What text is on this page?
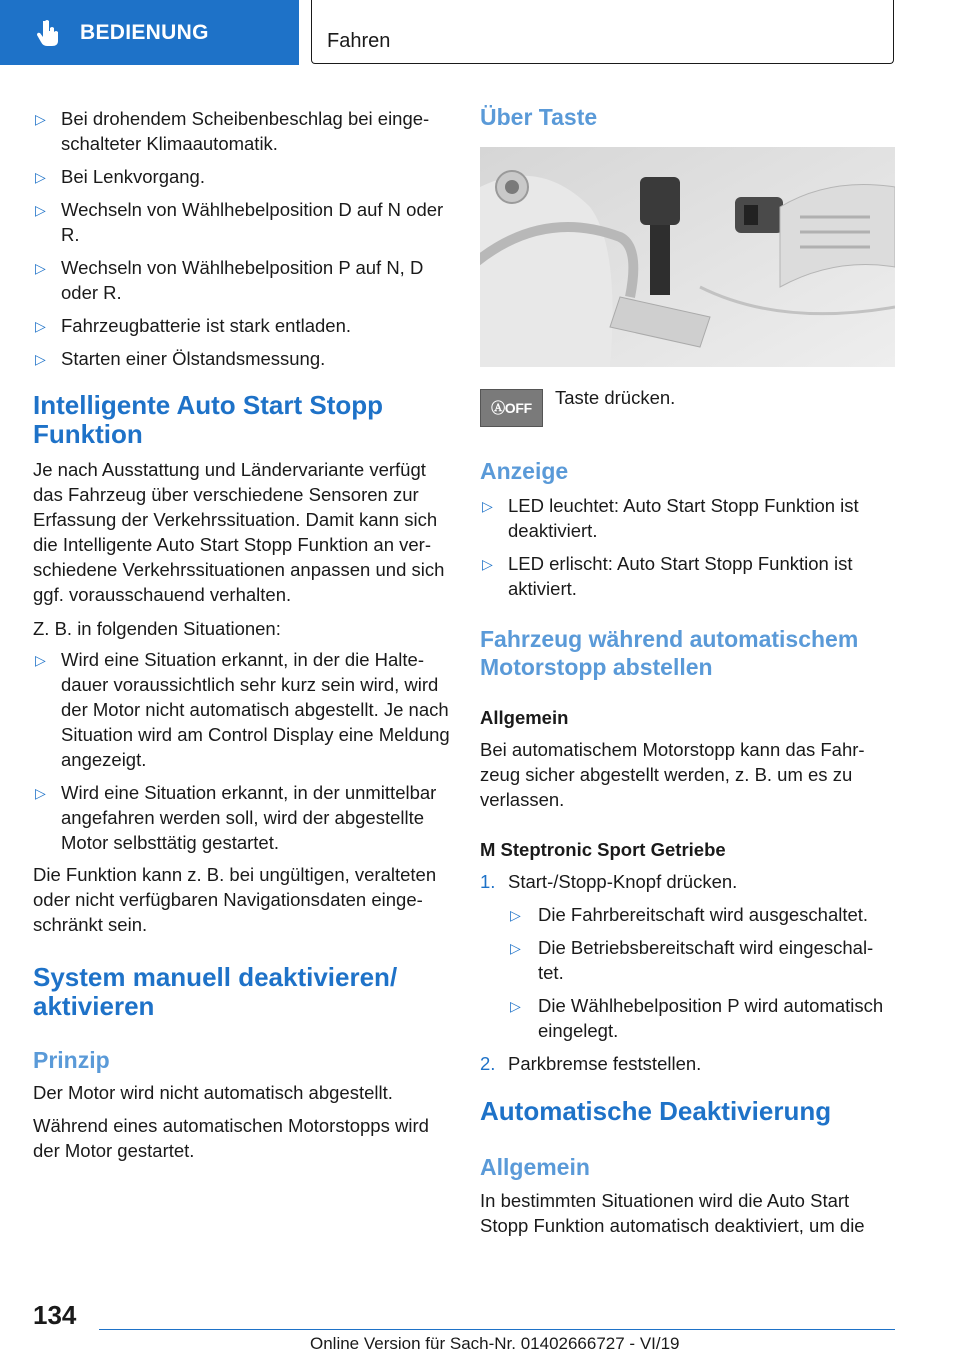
BEDIENUNG	Fahren
▷ Bei drohendem Scheibenbeschlag bei einge‐schalteter Klimaautomatik.
▷ Bei Lenkvorgang.
▷ Wechseln von Wählhebelposition D auf N oder R.
▷ Wechseln von Wählhebelposition P auf N, D oder R.
▷ Fahrzeugbatterie ist stark entladen.
▷ Starten einer Ölstandsmessung.
Intelligente Auto Start Stopp Funktion

Je nach Ausstattung und Ländervariante verfügt das Fahrzeug über verschiedene Sensoren zur Erfassung der Verkehrssituation. Damit kann sich die Intelligente Auto Start Stopp Funktion an ver‐schiedene Verkehrssituationen anpassen und sich ggf. vorausschauend verhalten.

Z. B. in folgenden Situationen:

▷ Wird eine Situation erkannt, in der die Halte‐dauer voraussichtlich sehr kurz sein wird, wird der Motor nicht automatisch abgestellt. Je nach Situation wird am Control Display eine Meldung angezeigt.
▷ Wird eine Situation erkannt, in der unmittelbar angefahren werden soll, wird der abgestellte Motor selbsttätig gestartet.

Die Funktion kann z. B. bei ungültigen, veralteten oder nicht verfügbaren Navigationsdaten einge‐schränkt sein.

System manuell deaktivieren/ aktivieren
Prinzip

Der Motor wird nicht automatisch abgestellt.

Während eines automatischen Motorstopps wird der Motor gestartet.

Über Taste
ⒶOFF Taste drücken.

Anzeige
▷ LED leuchtet: Auto Start Stopp Funktion ist deaktiviert.
▷ LED erlischt: Auto Start Stopp Funktion ist aktiviert.
Fahrzeug während automatischem Motorstopp abstellen
Allgemein

Bei automatischem Motorstopp kann das Fahr‐zeug sicher abgestellt werden, z. B. um es zu verlassen.

M Steptronic Sport Getriebe
1. Start-/Stopp-Knopf drücken.
▷ Die Fahrbereitschaft wird ausgeschaltet.
▷ Die Betriebsbereitschaft wird eingeschal‐tet.
▷ Die Wählhebelposition P wird automatisch eingelegt.
2. Parkbremse feststellen.
Automatische Deaktivierung
Allgemein

In bestimmten Situationen wird die Auto Start Stopp Funktion automatisch deaktiviert, um die

134
Online Version für Sach-Nr. 01402666727 - VI/19
